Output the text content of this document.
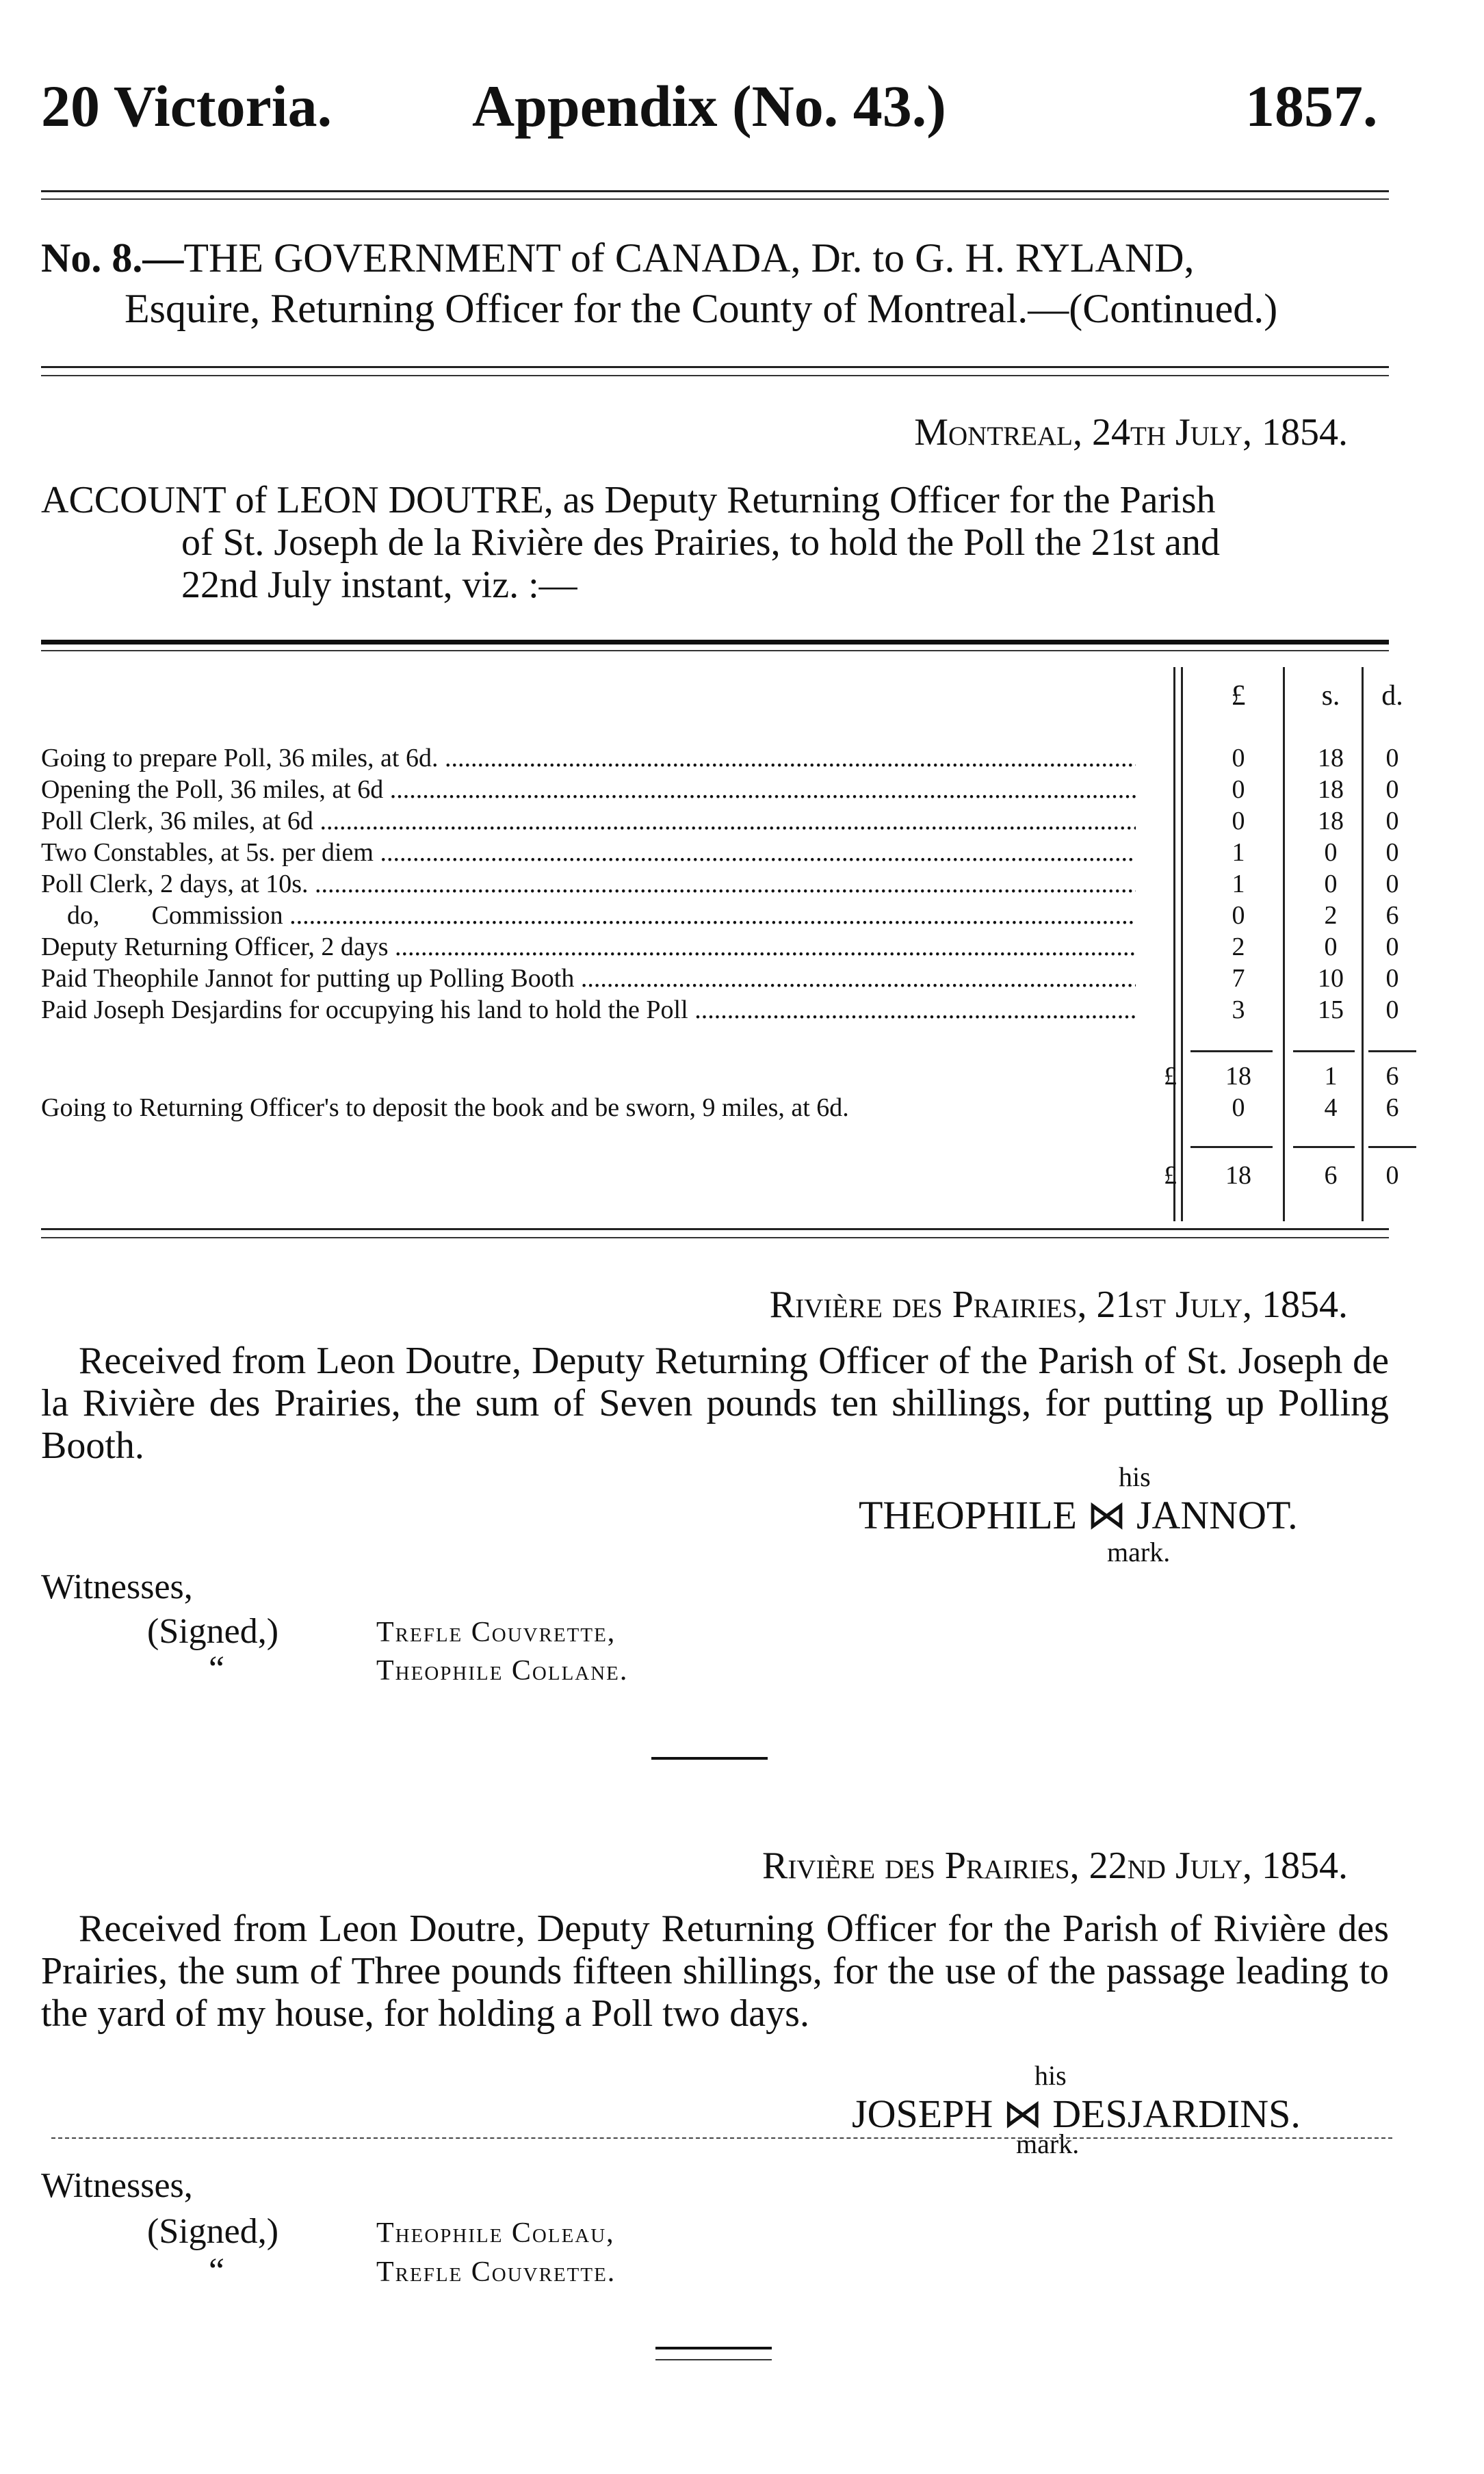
20 Victoria. Appendix (No. 43.)	1857.
No. 8.—THE GOVERNMENT of CANADA, Dr. to G. H. RYLAND,
Esquire, Returning Officer for the County of Montreal.—(Continued.)
Montreal, 24th July, 1854.
ACCOUNT of LEON DOUTRE, as Deputy Returning Officer for the Parish
of St. Joseph de la Rivière des Prairies, to hold the Poll the 21st and
22nd July instant, viz. :—
£	s.	d.
Going to prepare Poll, 36 miles, at 6d. .....	0	18	0
Opening the Poll, 36 miles, at 6d .....	0	18	0
Poll Clerk, 36 miles, at 6d .....	0	18	0
Two Constables, at 5s. per diem .....	1	0	0
Poll Clerk, 2 days, at 10s. .....	1	0	0
do,        Commission .....	0	2	6
Deputy Returning Officer, 2 days .....	2	0	0
Paid Theophile Jannot for putting up Polling Booth .....	7	10	0
Paid Joseph Desjardins for occupying his land to hold the Poll .....	3	15	0
£	18	1	6
Going to Returning Officer's to deposit the book and be sworn, 9 miles, at 6d.	0	4	6
£	18	6	0
Rivière des Prairies, 21st July, 1854.
Received from Leon Doutre, Deputy Returning Officer of the Parish of St. Joseph de la Rivière des Prairies, the sum of Seven pounds ten shillings, for putting up Polling Booth.
his
THEOPHILE ⋈ JANNOT.
mark.
Witnesses,
(Signed,)
“
Trefle Couvrette,
Theophile Collane.
Rivière des Prairies, 22nd July, 1854.
Received from Leon Doutre, Deputy Returning Officer for the Parish of Rivière des Prairies, the sum of Three pounds fifteen shillings, for the use of the passage leading to the yard of my house, for holding a Poll two days.
his
JOSEPH ⋈ DESJARDINS.
mark.
Witnesses,
(Signed,)
“
Theophile Coleau,
Trefle Couvrette.
